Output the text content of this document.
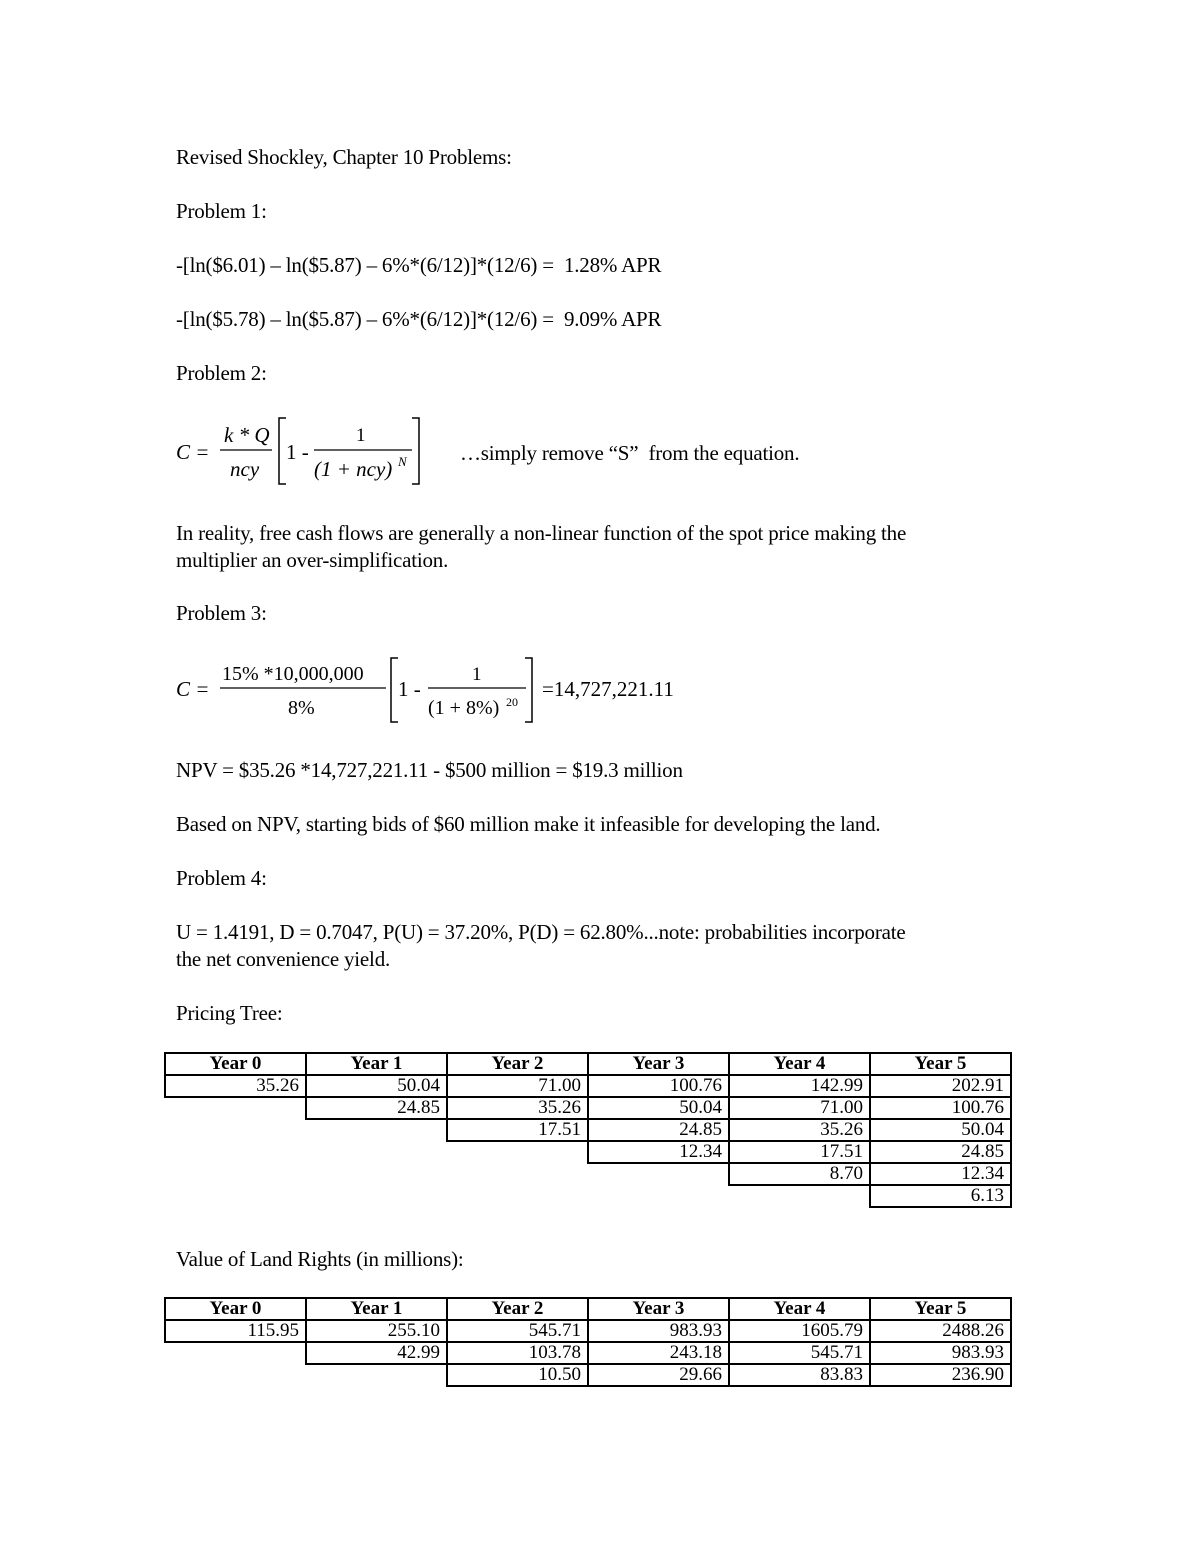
Revised Shockley, Chapter 10 Problems:
Problem 1:
-[ln($6.01) – ln($5.87) – 6%*(6/12)]*(12/6) =  1.28% APR
-[ln($5.78) – ln($5.87) – 6%*(6/12)]*(12/6) =  9.09% APR
Problem 2:
C =
k * Q
ncy
1 -
1
(1 + ncy) N	…simply remove “S”  from the equation.
In reality, free cash flows are generally a non-linear function of the spot price making the
multiplier an over-simplification.
Problem 3:
C =
15% *10,000,000
8%
1 -
1
(1 + 8%) 20
=14,727,221.11
NPV = $35.26 *14,727,221.11 - $500 million = $19.3 million
Based on NPV, starting bids of $60 million make it infeasible for developing the land.
Problem 4:
U = 1.4191, D = 0.7047, P(U) = 37.20%, P(D) = 62.80%...note: probabilities incorporate
the net convenience yield.
Pricing Tree:
Year 0	Year 1	Year 2	Year 3	Year 4	Year 5
35.26	50.04	71.00	100.76	142.99	202.91
	24.85	35.26	50.04	71.00	100.76
		17.51	24.85	35.26	50.04
			12.34	17.51	24.85
				8.70	12.34
					6.13
Value of Land Rights (in millions):
Year 0	Year 1	Year 2	Year 3	Year 4	Year 5
115.95	255.10	545.71	983.93	1605.79	2488.26
	42.99	103.78	243.18	545.71	983.93
		10.50	29.66	83.83	236.90
